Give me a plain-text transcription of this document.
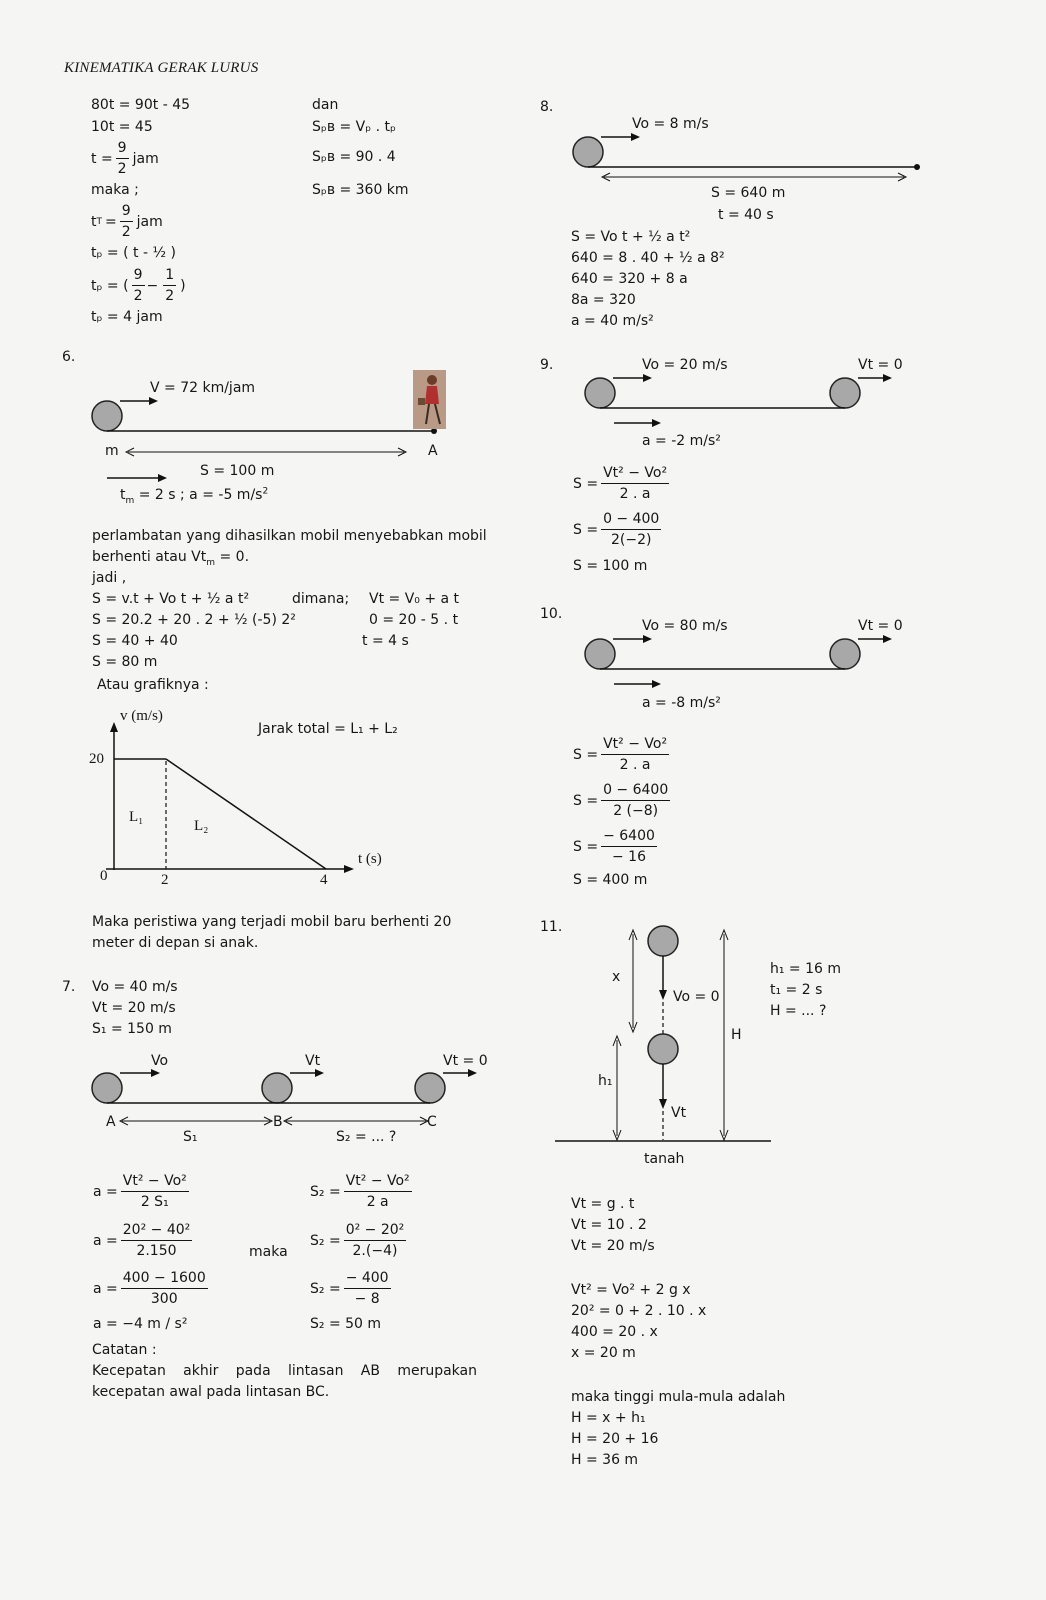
KINEMATIKA GERAK LURUS
80t = 90t - 45
10t = 45
$t = \frac{9}{2}$ jam
maka ;
t $T = \frac{9}{2}$ jam
tₚ = ( t - ½ )
tₚ = (
9
2
− $\frac{1}{2}$ )
tₚ = 4 jam
dan
Sₚʙ = Vₚ . tₚ
Sₚʙ = 90 . 4
Sₚʙ = 360 km
6.
V = 72 km/jam
m	A
S = 100 m
$t_m = 2$ s ; a = -5 $m/s^2$
perlambatan yang dihasilkan mobil menyebabkan mobil
berhenti atau $Vt_m = 0$.
jadi ,
S = v.t + Vo t + ½ a t²	dimana; Vt = V₀ + a t
S = 20.2 + 20 . 2 + ½ (-5) 2²	0 = 20 - 5 . t
S = 40 + 40	t = 4 s
S = 80 m
Atau grafiknya :
v (m/s)
20
0	2	4
t (s)
L₁
L₂
Jarak total = L₁ + L₂
Maka peristiwa yang terjadi mobil baru berhenti 20
meter di depan si anak.
7. Vo = 40 m/s
Vt = 20 m/s
S₁ = 150 m
Vo	Vt	Vt = 0
A	B	C
S₁	S₂ = ... ?
$a = \frac{\text{Vt² − Vo²}}{\text{2 S₁}}$
$a = \frac{\text{20² − 40²}}{2.150}$
$a = \frac{400 - 1600}{300}$
a = −4 m / s²
maka
$S_2 = \frac{\text{Vt² − Vo²}}{2 a}$
$S_2 = \frac{\text{0² − 20²}}{2.(-4)}$
$S_2 = \frac{- 400}{- 8}$
S₂ = 50 m
Catatan :
Kecepatan akhir pada lintasan AB merupakan
kecepatan awal pada lintasan BC.
8.
Vo = 8 m/s
S = 640 m
t = 40 s
S = Vo t + ½ a t²
640 = 8 . 40 + ½ a 8²
640 = 320 + 8 a
8a = 320
a = 40 m/s²
9.	Vo = 20 m/s	Vt = 0
a = -2 m/s²
$S = \frac{\text{Vt² − Vo²}}{2 . a}$
$S = \frac{0 - 400}{2(-2)}$
S = 100 m
10.
Vo = 80 m/s	Vt = 0
a = -8 m/s²
$S = \frac{\text{Vt² − Vo²}}{2 . a}$
$S = \frac{0 - 6400}{2 (-8)}$
$S = \frac{- 6400}{- 16}$
S = 400 m
11.
x
Vo = 0
h₁
Vt
H
tanah
h₁ = 16 m
t₁ = 2 s
H = ... ?
Vt = g . t
Vt = 10 . 2
Vt = 20 m/s
Vt² = Vo² + 2 g x
20² = 0 + 2 . 10 . x
400 = 20 . x
x = 20 m
maka tinggi mula-mula adalah
H = x + h₁
H = 20 + 16
H = 36 m
